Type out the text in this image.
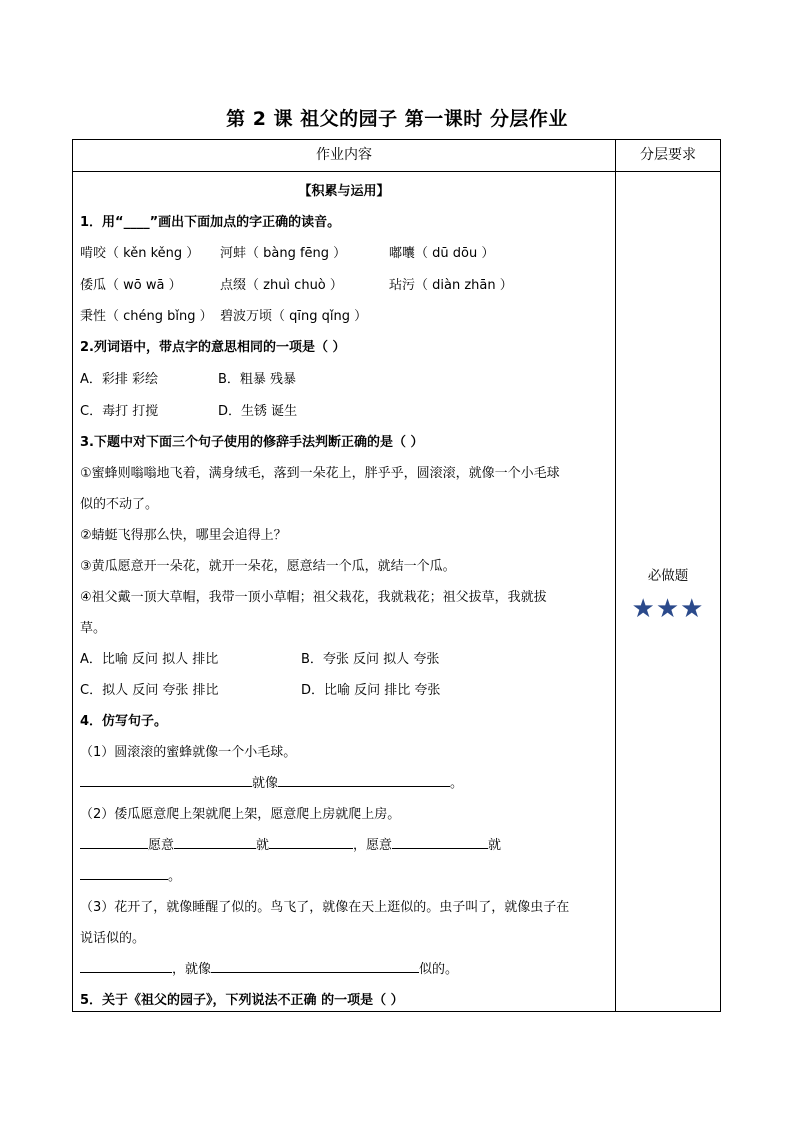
第 2 课 祖父的园子 第一课时 分层作业
作业内容	分层要求
【积累与运用】
1．用“____”画出下面加点的字正确的读音。
啃咬（ kěn kěng ） 河蚌（ bàng fēng ）	嘟囔（ dū dōu ）
倭瓜（ wō wā ）	点缀（ zhuì chuò ）	玷污（ diàn zhān ）
秉性（ chéng bǐng ） 碧波万顷（ qīng qǐng ）
2.列词语中，带点字的意思相同的一项是（ ）
A．彩排 彩绘	B．粗暴 残暴
C．毒打 打搅	D．生锈 诞生
3.下题中对下面三个句子使用的修辞手法判断正确的是（ ）
①蜜蜂则嗡嗡地飞着，满身绒毛，落到一朵花上，胖乎乎，圆滚滚，就像一个小毛球
似的不动了。
②蜻蜓飞得那么快，哪里会追得上？
③黄瓜愿意开一朵花，就开一朵花，愿意结一个瓜，就结一个瓜。
④祖父戴一顶大草帽，我带一顶小草帽；祖父栽花，我就栽花；祖父拔草，我就拔
草。
A．比喻 反问 拟人 排比	B．夸张 反问 拟人 夸张
C．拟人 反问 夸张 排比	D．比喻 反问 排比 夸张
4．仿写句子。
（1）圆滚滚的蜜蜂就像一个小毛球。
就像	。
（2）倭瓜愿意爬上架就爬上架，愿意爬上房就爬上房。
愿意	就	，愿意	就
。
（3）花开了，就像睡醒了似的。鸟飞了，就像在天上逛似的。虫子叫了，就像虫子在
说话似的。
，就像	似的。
5．关于《祖父的园子》，下列说法不正确 的一项是（ ）
必做题
★★★
